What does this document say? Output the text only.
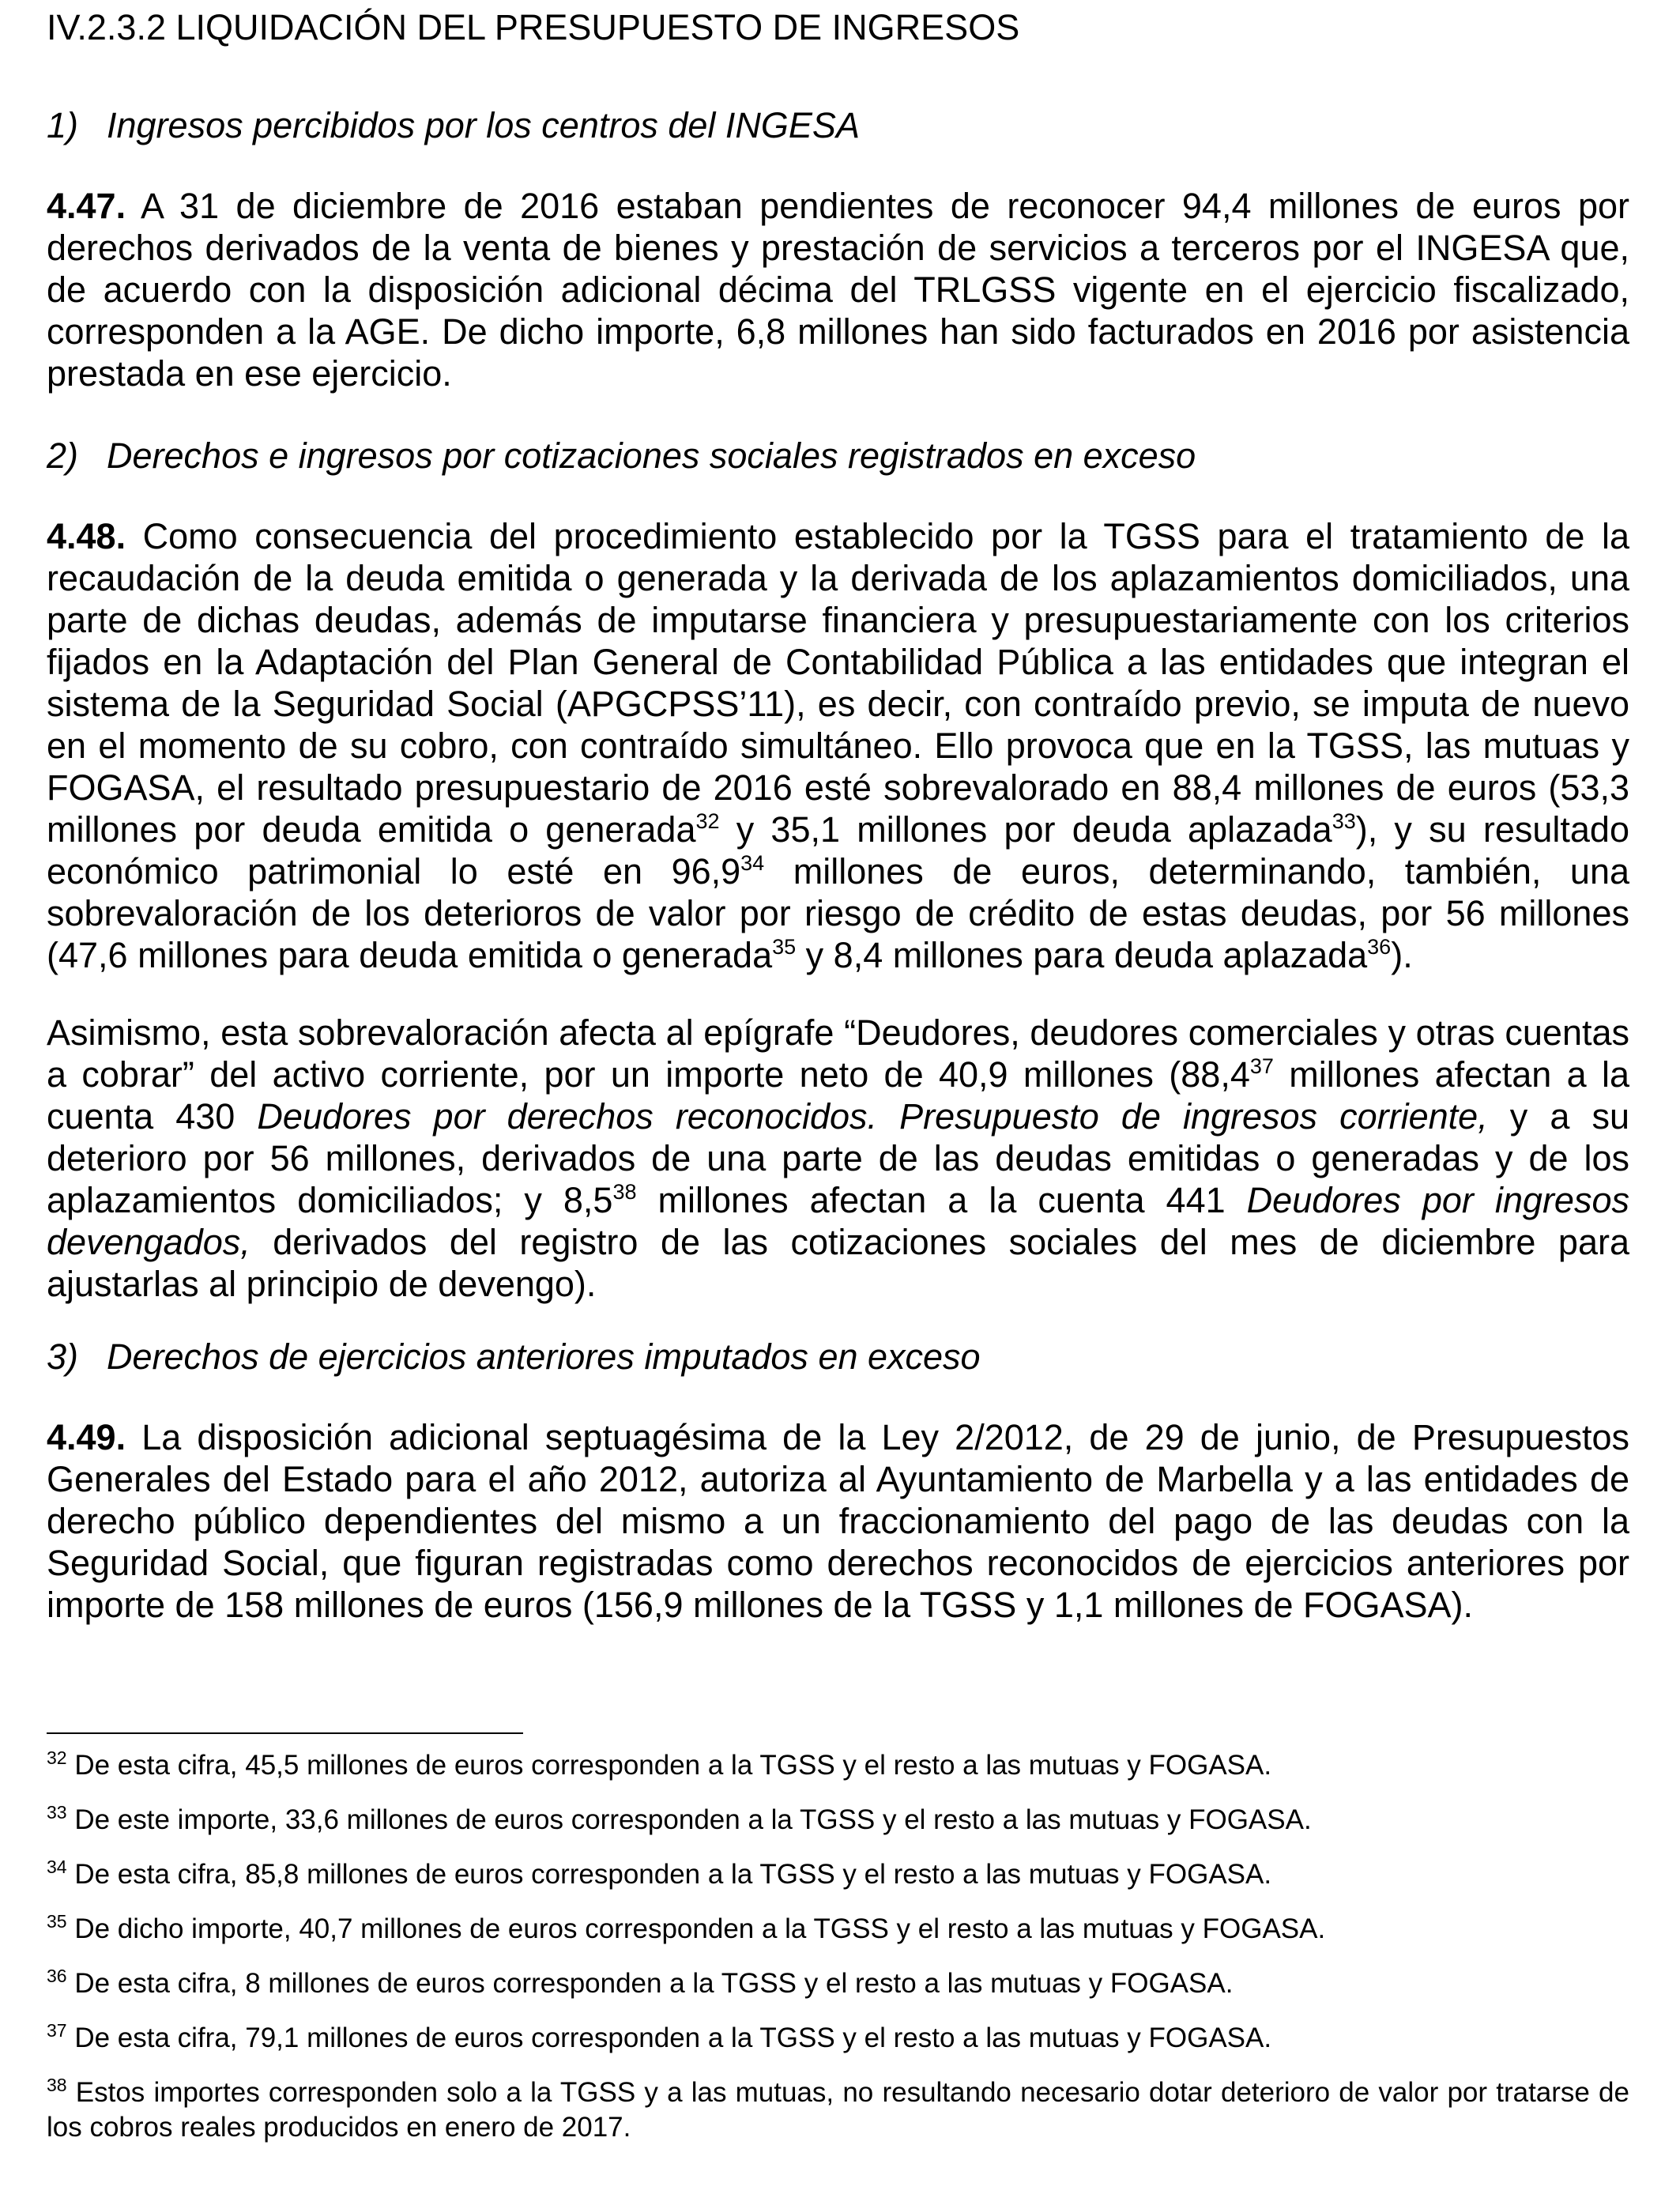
IV.2.3.2 LIQUIDACIÓN DEL PRESUPUESTO DE INGRESOS
1) Ingresos percibidos por los centros del INGESA
4.47. A 31 de diciembre de 2016 estaban pendientes de reconocer 94,4 millones de euros por derechos derivados de la venta de bienes y prestación de servicios a terceros por el INGESA que, de acuerdo con la disposición adicional décima del TRLGSS vigente en el ejercicio fiscalizado, corresponden a la AGE. De dicho importe, 6,8 millones han sido facturados en 2016 por asistencia prestada en ese ejercicio.
2) Derechos e ingresos por cotizaciones sociales registrados en exceso
4.48. Como consecuencia del procedimiento establecido por la TGSS para el tratamiento de la recaudación de la deuda emitida o generada y la derivada de los aplazamientos domiciliados, una parte de dichas deudas, además de imputarse financiera y presupuestariamente con los criterios fijados en la Adaptación del Plan General de Contabilidad Pública a las entidades que integran el sistema de la Seguridad Social (APGCPSS’11), es decir, con contraído previo, se imputa de nuevo en el momento de su cobro, con contraído simultáneo. Ello provoca que en la TGSS, las mutuas y FOGASA, el resultado presupuestario de 2016 esté sobrevalorado en 88,4 millones de euros (53,3 millones por deuda emitida o generada$^{32}$ y 35,1 millones por deuda aplazada$^{33}$), y su resultado económico patrimonial lo esté en 96,9$^{34}$ millones de euros, determinando, también, una sobrevaloración de los deterioros de valor por riesgo de crédito de estas deudas, por 56 millones (47,6 millones para deuda emitida o generada$^{35}$ y 8,4 millones para deuda aplazada$^{36}$).
Asimismo, esta sobrevaloración afecta al epígrafe “Deudores, deudores comerciales y otras cuentas a cobrar” del activo corriente, por un importe neto de 40,9 millones (88,4$^{37}$ millones afectan a la cuenta 430 Deudores por derechos reconocidos. Presupuesto de ingresos corriente, y a su deterioro por 56 millones, derivados de una parte de las deudas emitidas o generadas y de los aplazamientos domiciliados; y $8,5^{38}$ millones afectan a la cuenta 441 Deudores por ingresos devengados, derivados del registro de las cotizaciones sociales del mes de diciembre para ajustarlas al principio de devengo).
3) Derechos de ejercicios anteriores imputados en exceso
4.49. La disposición adicional septuagésima de la Ley 2/2012, de 29 de junio, de Presupuestos Generales del Estado para el año 2012, autoriza al Ayuntamiento de Marbella y a las entidades de derecho público dependientes del mismo a un fraccionamiento del pago de las deudas con la Seguridad Social, que figuran registradas como derechos reconocidos de ejercicios anteriores por importe de 158 millones de euros (156,9 millones de la TGSS y 1,1 millones de FOGASA).
$^{32}$ De esta cifra, 45,5 millones de euros corresponden a la TGSS y el resto a las mutuas y FOGASA.
$^{33}$ De este importe, 33,6 millones de euros corresponden a la TGSS y el resto a las mutuas y FOGASA.
$^{34}$ De esta cifra, 85,8 millones de euros corresponden a la TGSS y el resto a las mutuas y FOGASA.
$^{35}$ De dicho importe, 40,7 millones de euros corresponden a la TGSS y el resto a las mutuas y FOGASA.
$^{36}$ De esta cifra, 8 millones de euros corresponden a la TGSS y el resto a las mutuas y FOGASA.
$^{37}$ De esta cifra, 79,1 millones de euros corresponden a la TGSS y el resto a las mutuas y FOGASA.
$^{38}$ Estos importes corresponden solo a la TGSS y a las mutuas, no resultando necesario dotar deterioro de valor por tratarse de los cobros reales producidos en enero de 2017.
